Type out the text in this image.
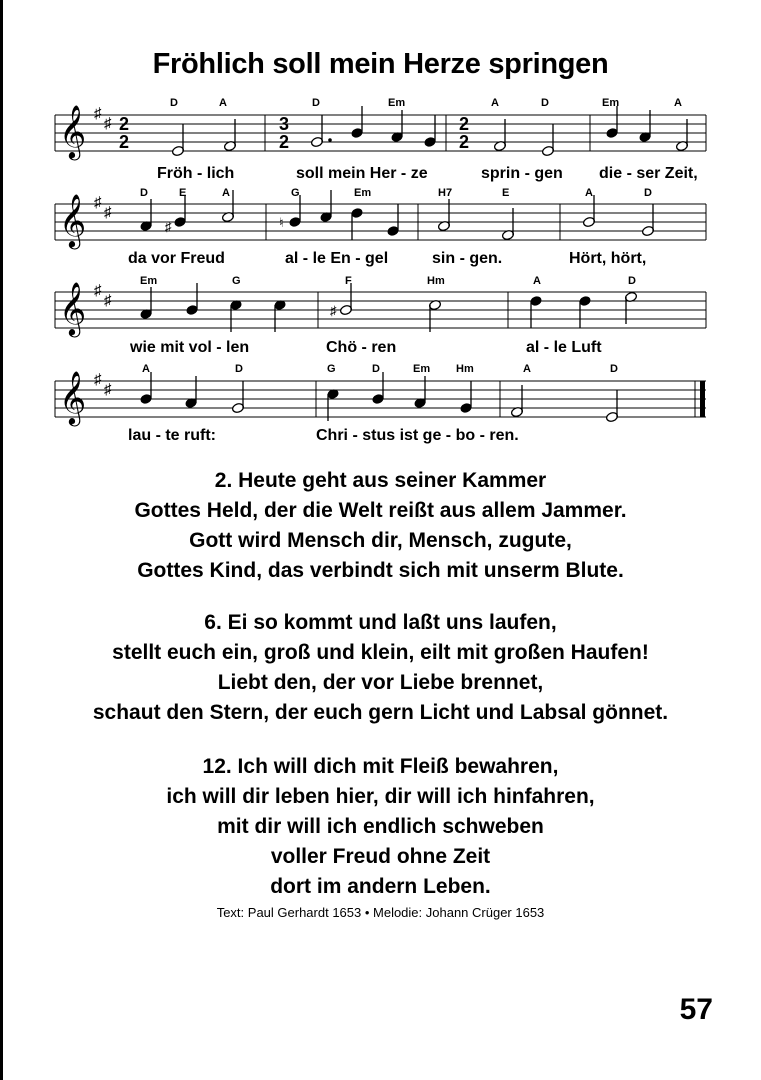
Fröhlich soll mein Herze springen
D	A	D	Em	A	D	Em	A
𝄞 ♯
♯ 2
2
3
2
2
2
Fröh - lich	soll mein Her - ze	sprin - gen die - ser Zeit,
D	E	A	G	Em	H7	E	A	D
𝄞 ♯
♯
♯	♮
da vor Freud	al - le En - gel	sin - gen.	Hört, hört,
Em	G	F	Hm	A	D
𝄞 ♯
♯
♯
wie mit vol - len	Chö - ren	al - le Luft
A	D	G	D	Em Hm	A	D
𝄞 ♯
♯
lau - te ruft:	Chri - stus ist ge - bo - ren.
2. Heute geht aus seiner Kammer
Gottes Held, der die Welt reißt aus allem Jammer.
Gott wird Mensch dir, Mensch, zugute,
Gottes Kind, das verbindt sich mit unserm Blute.
6. Ei so kommt und laßt uns laufen,
stellt euch ein, groß und klein, eilt mit großen Haufen!
Liebt den, der vor Liebe brennet,
schaut den Stern, der euch gern Licht und Labsal gönnet.
12. Ich will dich mit Fleiß bewahren,
ich will dir leben hier, dir will ich hinfahren,
mit dir will ich endlich schweben
voller Freud ohne Zeit
dort im andern Leben.
Text: Paul Gerhardt 1653 • Melodie: Johann Crüger 1653
57
